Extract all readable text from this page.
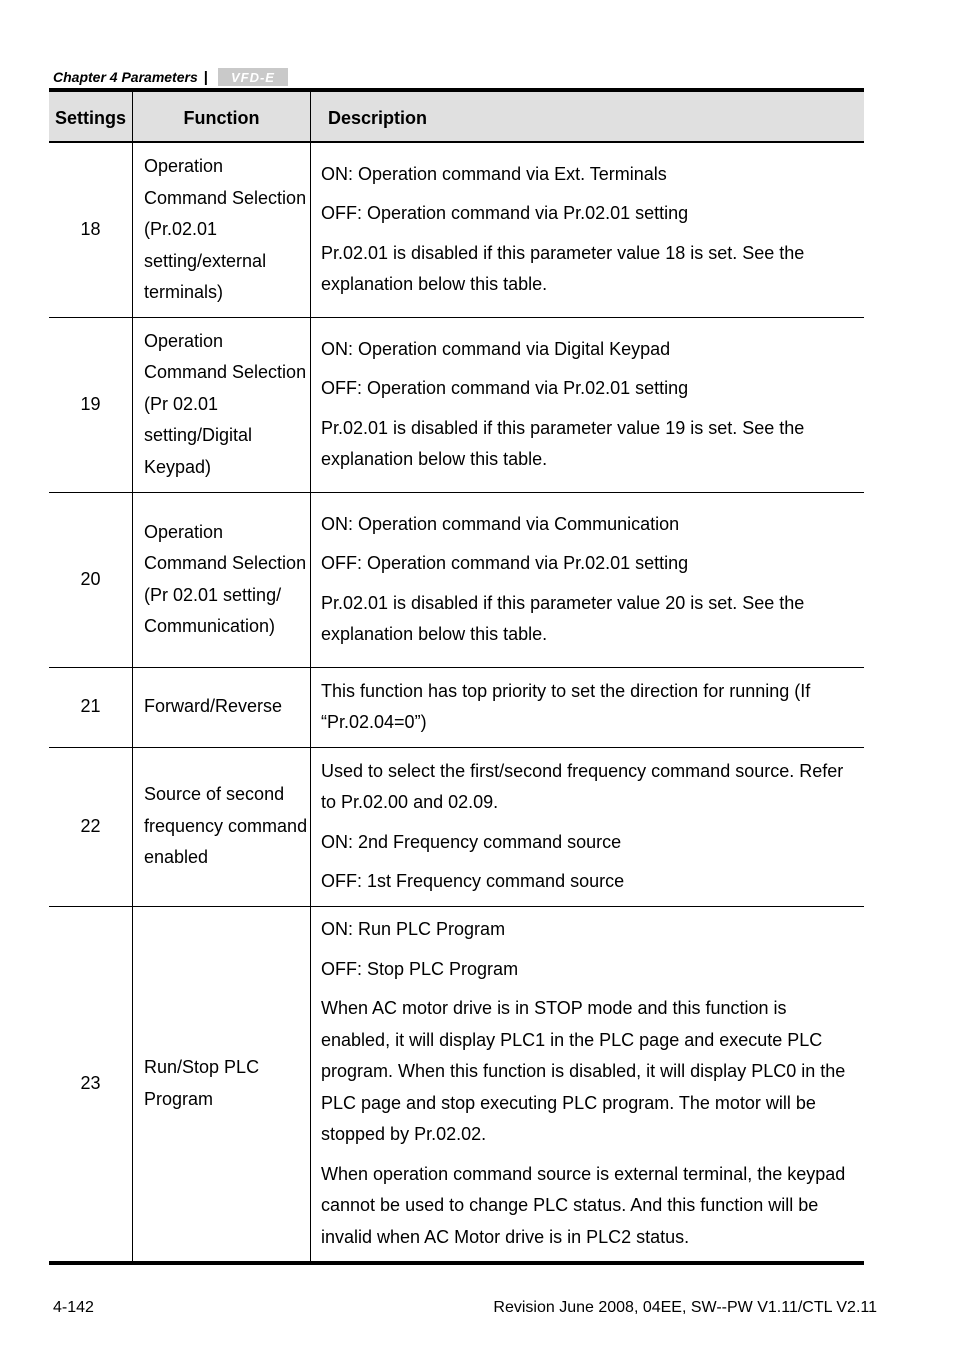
Chapter 4 Parameters |	VFD-E
Settings	Function	Description
18	Operation Command Selection (Pr.02.01 setting/external terminals)	ON: Operation command via Ext. Terminals

OFF: Operation command via Pr.02.01 setting

Pr.02.01 is disabled if this parameter value 18 is set. See the explanation below this table.

19	Operation Command Selection (Pr 02.01 setting/Digital Keypad)	ON: Operation command via Digital Keypad

OFF: Operation command via Pr.02.01 setting

Pr.02.01 is disabled if this parameter value 19 is set. See the explanation below this table.

20	Operation Command Selection (Pr 02.01 setting/ Communication)	ON: Operation command via Communication

OFF: Operation command via Pr.02.01 setting

Pr.02.01 is disabled if this parameter value 20 is set. See the explanation below this table.

21	Forward/Reverse	This function has top priority to set the direction for running (If “Pr.02.04=0”)

22	Source of second frequency command enabled	Used to select the first/second frequency command source. Refer to Pr.02.00 and 02.09.

ON: 2nd Frequency command source

OFF: 1st Frequency command source

23	Run/Stop PLC Program	ON: Run PLC Program

OFF: Stop PLC Program

When AC motor drive is in STOP mode and this function is enabled, it will display PLC1 in the PLC page and execute PLC program. When this function is disabled, it will display PLC0 in the PLC page and stop executing PLC program. The motor will be stopped by Pr.02.02.

When operation command source is external terminal, the keypad cannot be used to change PLC status. And this function will be invalid when AC Motor drive is in PLC2 status.

4-142	Revision June 2008, 04EE, SW--PW V1.11/CTL V2.11
